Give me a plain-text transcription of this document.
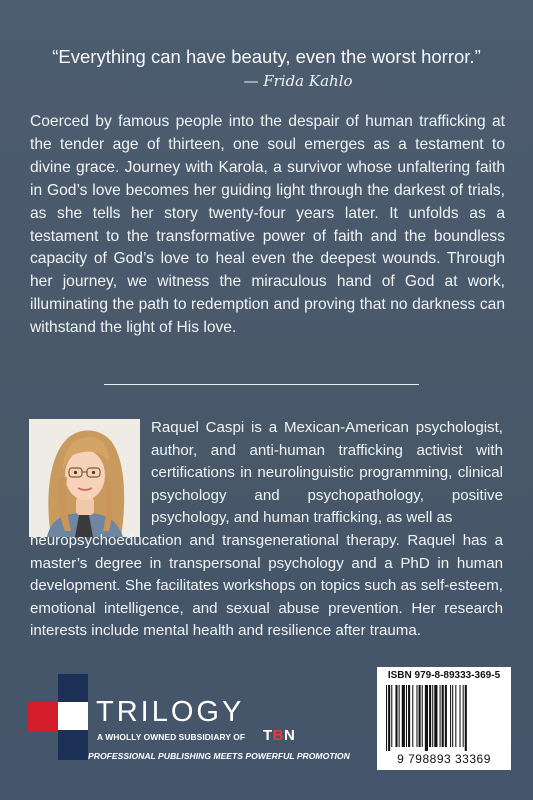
“Everything can have beauty, even the worst horror.”
— Frida Kahlo
Coerced by famous people into the despair of human trafficking at the tender age of thirteen, one soul emerges as a testament to divine grace. Journey with Karola, a survivor whose unfaltering faith in God’s love becomes her guiding light through the darkest of trials, as she tells her story twenty-four years later. It unfolds as a testament to the transformative power of faith and the boundless capacity of God’s love to heal even the deepest wounds. Through her journey, we witness the miraculous hand of God at work, illuminating the path to redemption and proving that no darkness can withstand the light of His love.
Raquel Caspi is a Mexican-American psychologist, author, and anti-human trafficking activist with certifications in neurolinguistic programming, clinical psychology and psychopathology, positive psychology, and human trafficking, as well as
neuropsychoeducation and transgenerational therapy. Raquel has a master’s degree in transpersonal psychology and a PhD in human development. She facilitates workshops on topics such as self-esteem, emotional intelligence, and sexual abuse prevention. Her research interests include mental health and resilience after trauma.
TRILOGY
A WHOLLY OWNED SUBSIDIARY OF TBN
PROFESSIONAL PUBLISHING MEETS POWERFUL PROMOTION
ISBN 979-8-89333-369-5
9 798893 33369
